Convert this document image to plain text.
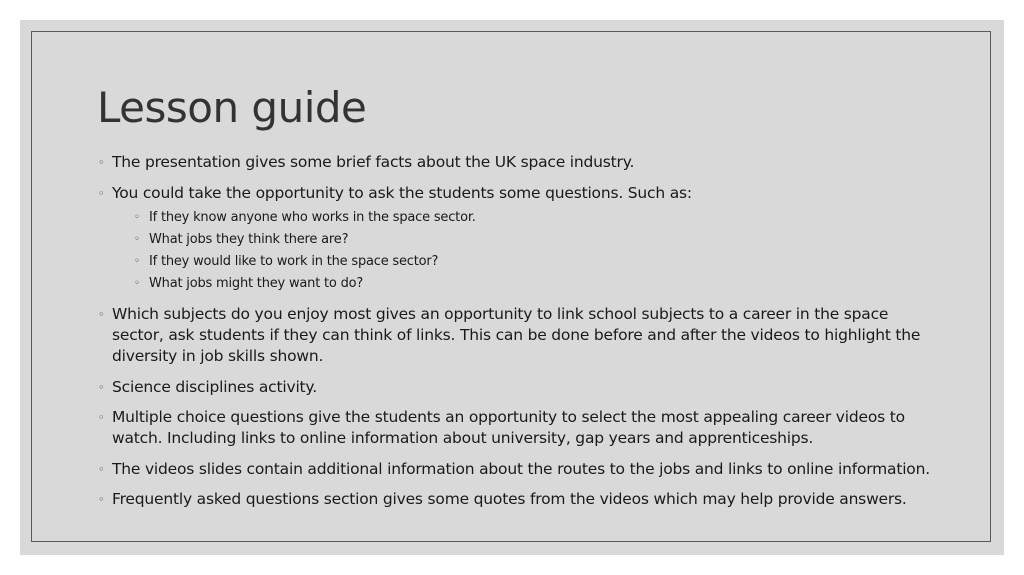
Lesson guide
◦ The presentation gives some brief facts about the UK space industry.
◦ You could take the opportunity to ask the students some questions. Such as:
◦ If they know anyone who works in the space sector.
◦ What jobs they think there are?
◦ If they would like to work in the space sector?
◦ What jobs might they want to do?
◦ Which subjects do you enjoy most gives an opportunity to link school subjects to a career in the space sector, ask students if they can think of links. This can be done before and after the videos to highlight the diversity in job skills shown.
◦ Science disciplines activity.
◦ Multiple choice questions give the students an opportunity to select the most appealing career videos to watch. Including links to online information about university, gap years and apprenticeships.
◦ The videos slides contain additional information about the routes to the jobs and links to online information.
◦ Frequently asked questions section gives some quotes from the videos which may help provide answers.
